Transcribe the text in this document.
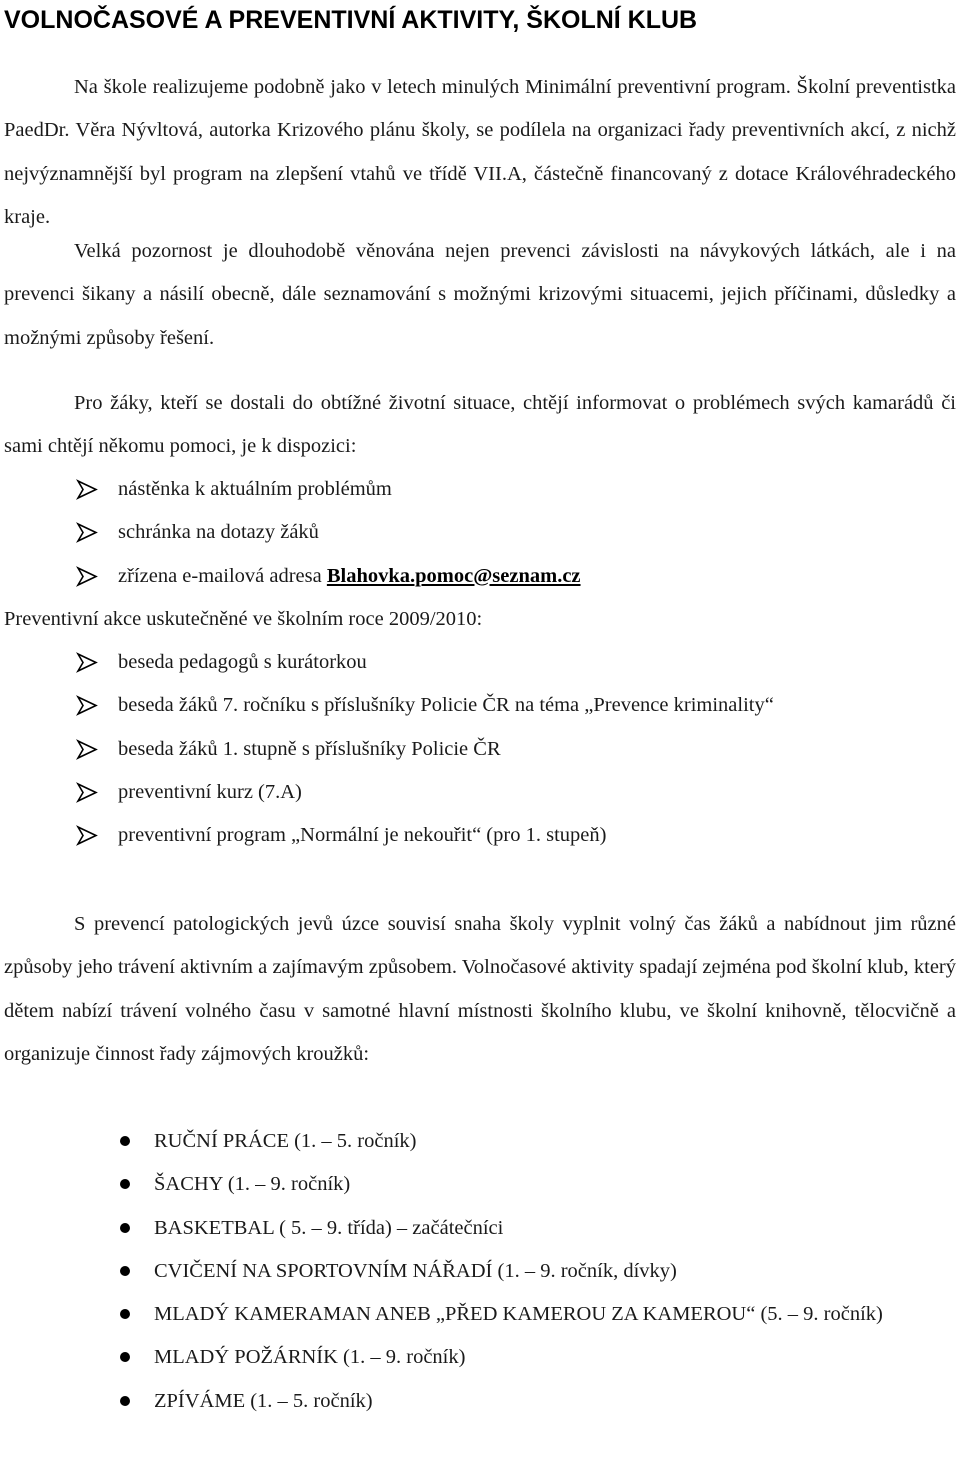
VOLNOČASOVÉ A PREVENTIVNÍ AKTIVITY, ŠKOLNÍ KLUB

Na škole realizujeme podobně jako v letech minulých Minimální preventivní program. Školní preventistka PaedDr. Věra Nývltová, autorka Krizového plánu školy, se podílela na organizaci řady preventivních akcí, z nichž nejvýznamnější byl program na zlepšení vtahů ve třídě VII.A, částečně financovaný z dotace Královéhradeckého kraje.

Velká pozornost je dlouhodobě věnována nejen prevenci závislosti na návykových látkách, ale i na prevenci šikany a násilí obecně, dále seznamování s možnými krizovými situacemi, jejich příčinami, důsledky a možnými způsoby řešení.

Pro žáky, kteří se dostali do obtížné životní situace, chtějí informovat o problémech svých kamarádů či sami chtějí někomu pomoci, je k dispozici:

nástěnka k aktuálním problémům
schránka na dotazy žáků
zřízena e-mailová adresa Blahovka.pomoc@seznam.cz

Preventivní akce uskutečněné ve školním roce 2009/2010:

beseda pedagogů s kurátorkou
beseda žáků 7. ročníku s příslušníky Policie ČR na téma „Prevence kriminality“
beseda žáků 1. stupně s příslušníky Policie ČR
preventivní kurz (7.A)
preventivní program „Normální je nekouřit“ (pro 1. stupeň)

S prevencí patologických jevů úzce souvisí snaha školy vyplnit volný čas žáků a nabídnout jim různé způsoby jeho trávení aktivním a zajímavým způsobem. Volnočasové aktivity spadají zejména pod školní klub, který dětem nabízí trávení volného času v samotné hlavní místnosti školního klubu, ve školní knihovně, tělocvičně a organizuje činnost řady zájmových kroužků:

RUČNÍ PRÁCE (1. – 5. ročník)
ŠACHY (1. – 9. ročník)
BASKETBAL ( 5. – 9. třída) – začátečníci
CVIČENÍ NA SPORTOVNÍM NÁŘADÍ (1. – 9. ročník, dívky)
MLADÝ KAMERAMAN ANEB „PŘED KAMEROU ZA KAMEROU“ (5. – 9. ročník)
MLADÝ POŽÁRNÍK (1. – 9. ročník)
ZPÍVÁME (1. – 5. ročník)
